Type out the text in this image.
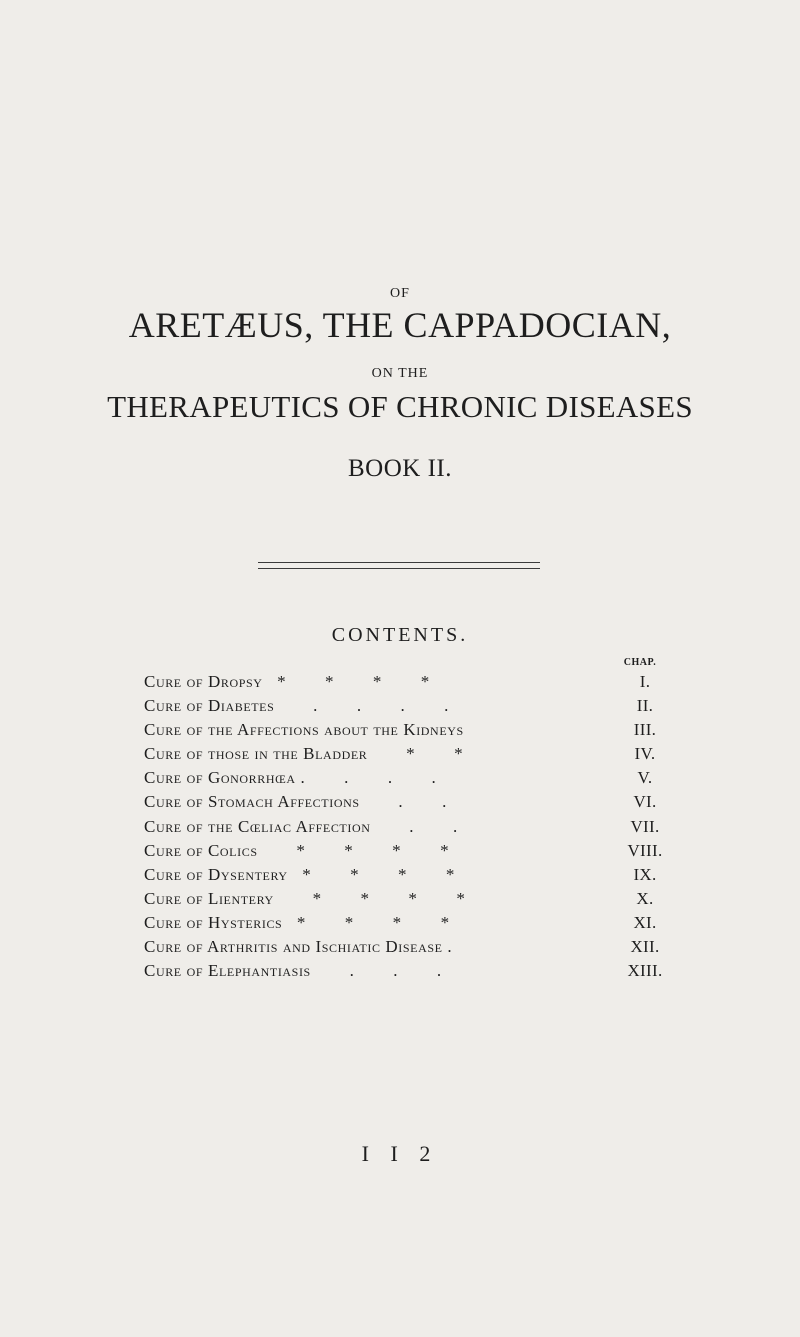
OF
ARETÆUS, THE CAPPADOCIAN,
ON THE
THERAPEUTICS OF CHRONIC DISEASES
BOOK II.
CONTENTS.
CHAP.
Cure of Dropsy   *        *        *        *	I.
Cure of Diabetes        .        .        .        .	II.
Cure of the Affections about the Kidneys	III.
Cure of those in the Bladder        *        *	IV.
Cure of Gonorrhœa .        .        .        .	V.
Cure of Stomach Affections        .        .	VI.
Cure of the Cœliac Affection        .        .	VII.
Cure of Colics        *        *        *        *	VIII.
Cure of Dysentery   *        *        *        *	IX.
Cure of Lientery        *        *        *        *	X.
Cure of Hysterics   *        *        *        *	XI.
Cure of Arthritis and Ischiatic Disease .	XII.
Cure of Elephantiasis        .        .        .	XIII.
I I 2
